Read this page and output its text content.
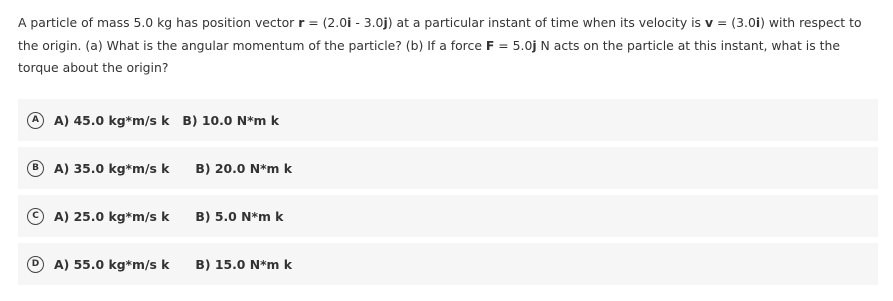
A particle of mass 5.0 kg has position vector r = (2.0i - 3.0j) at a particular instant of time when its velocity is v = (3.0i) with respect to the origin. (a) What is the angular momentum of the particle? (b) If a force F = 5.0j N acts on the particle at this instant, what is the torque about the origin?
A	A) 45.0 kg*m/s k B) 10.0 N*m k
B	A) 35.0 kg*m/s k B) 20.0 N*m k
C	A) 25.0 kg*m/s k B) 5.0 N*m k
D	A) 55.0 kg*m/s k B) 15.0 N*m k
